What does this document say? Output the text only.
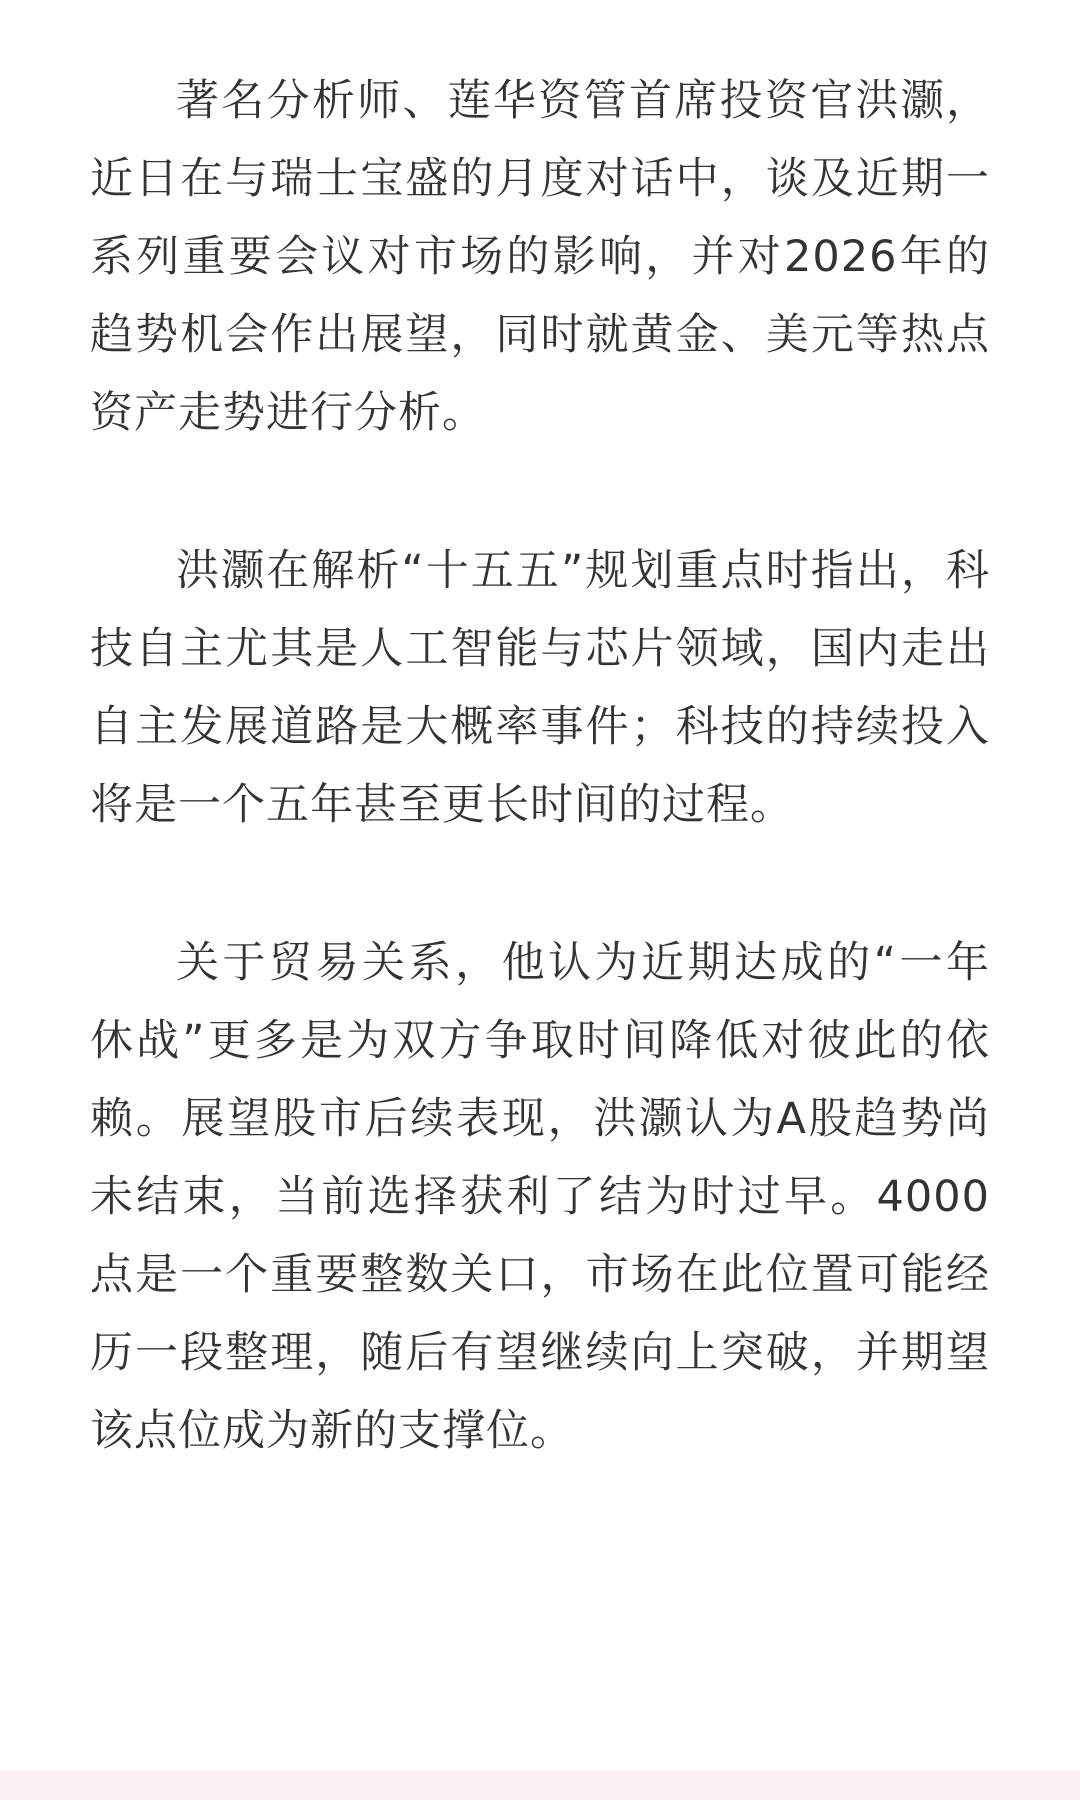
著名分析师、莲华资管首席投资官洪灏，近日在与瑞士宝盛的月度对话中，谈及近期一系列重要会议对市场的影响，并对2026年的趋势机会作出展望，同时就黄金、美元等热点资产走势进行分析。

洪灏在解析“十五五”规划重点时指出，科技自主尤其是人工智能与芯片领域，国内走出自主发展道路是大概率事件；科技的持续投入将是一个五年甚至更长时间的过程。

关于贸易关系，他认为近期达成的“一年休战”更多是为双方争取时间降低对彼此的依赖。展望股市后续表现，洪灏认为A股趋势尚未结束，当前选择获利了结为时过早。4000点是一个重要整数关口，市场在此位置可能经历一段整理，随后有望继续向上突破，并期望该点位成为新的支撑位。
